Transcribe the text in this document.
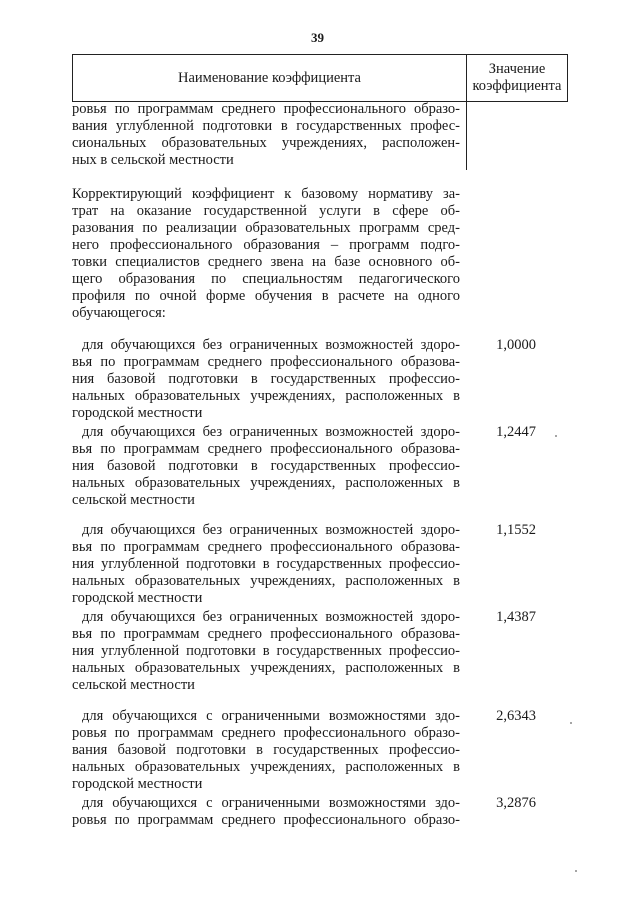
39
Наименование коэффициента
Значение
коэффициента
ровья по программам среднего профессионального образо-
вания углубленной подготовки в государственных профес-
сиональных образовательных учреждениях, расположен-
ных в сельской местности
Корректирующий коэффициент к базовому нормативу за-
трат на оказание государственной услуги в сфере об-
разования по реализации образовательных программ сред-
него профессионального образования – программ подго-
товки специалистов среднего звена на базе основного об-
щего образования по специальностям педагогического
профиля по очной форме обучения в расчете на одного
обучающегося:
для обучающихся без ограниченных возможностей здоро-
вья по программам среднего профессионального образова-
ния базовой подготовки в государственных профессио-
нальных образовательных учреждениях, расположенных в
городской местности
1,0000
для обучающихся без ограниченных возможностей здоро-
вья по программам среднего профессионального образова-
ния базовой подготовки в государственных профессио-
нальных образовательных учреждениях, расположенных в
сельской местности
1,2447
для обучающихся без ограниченных возможностей здоро-
вья по программам среднего профессионального образова-
ния углубленной подготовки в государственных профессио-
нальных образовательных учреждениях, расположенных в
городской местности
1,1552
для обучающихся без ограниченных возможностей здоро-
вья по программам среднего профессионального образова-
ния углубленной подготовки в государственных профессио-
нальных образовательных учреждениях, расположенных в
сельской местности
1,4387
для обучающихся с ограниченными возможностями здо-
ровья по программам среднего профессионального образо-
вания базовой подготовки в государственных профессио-
нальных образовательных учреждениях, расположенных в
городской местности
2,6343
для обучающихся с ограниченными возможностями здо-
ровья по программам среднего профессионального образо-
3,2876
